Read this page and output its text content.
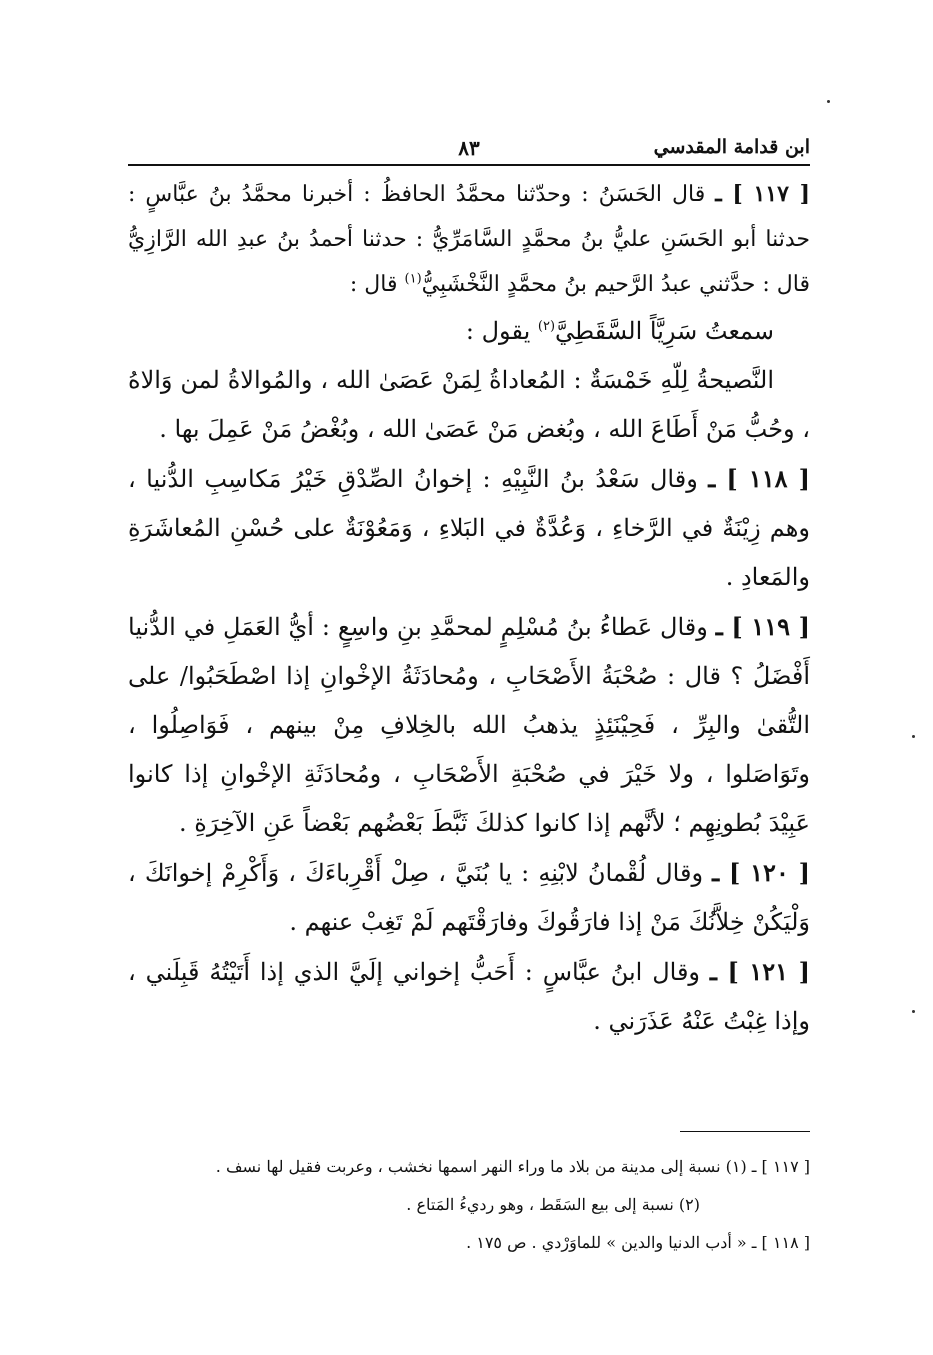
ابن قدامة المقدسي
٨٣

[ ١١٧ ] ـ قال الحَسَنُ : وحدّثنا محمَّدُ الحافظُ : أخبرنا محمَّدُ بنُ عبَّاسٍ : حدثنا أبو الحَسَنِ عليُّ بنُ محمَّدٍ السَّامَرِّيُّ : حدثنا أحمدُ بنُ عبدِ الله الرَّازِيُّ قال : حدَّثني عبدُ الرَّحيم بنُ محمَّدٍ النَّخْشَبِيُّ$^{(١)}$ قال :

سمعتُ سَرِيَّاً السَّقَطِيَّ$^{(٢)}$ يقول :

النَّصيحةُ لِلّهِ خَمْسَةٌ : المُعاداةُ لِمَنْ عَصَىٰ الله ، والمُوالاةُ لمن وَالاهُ ، وحُبُّ مَنْ أَطَاعَ الله ، وبُغض مَنْ عَصَىٰ الله ، وبُغْضُ مَنْ عَمِلَ بها .

[ ١١٨ ] ـ وقال سَعْدُ بنُ النَّبِيْهِ : إخوانُ الصِّدْقِ خَيْرُ مَكاسِبِ الدُّنيا ، وهم زِيْنَةٌ في الرَّخاءِ ، وَعُدَّةٌ في البَلاءِ ، وَمَعُوْنَةٌ على حُسْنِ المُعاشَرَةِ والمَعادِ .

[ ١١٩ ] ـ وقال عَطاءُ بنُ مُسْلِمٍ لمحمَّدِ بنِ واسِعٍ : أيُّ العَمَلِ في الدُّنيا أَفْضَلُ ؟ قال : صُحْبَةُ الأَصْحَابِ ، ومُحادَثَةُ الإخْوانِ إذا اصْطَحَبُوا/ على التُّقىٰ والبِرِّ ، فَحِيْنَئِذٍ يذهبُ الله بالخِلافِ مِنْ بينهم ، فَوَاصِلُوا ، وتَوَاصَلوا ، ولا خَيْرَ في صُحْبَةِ الأَصْحَابِ ، ومُحادَثَةِ الإخْوانِ إذا كانوا عَبِيْدَ بُطونِهِم ؛ لأنَّهم إذا كانوا كذلكَ ثَبَّطَ بَعْضُهم بَعْضاً عَنِ الآخِرَةِ .

[ ١٢٠ ] ـ وقال لُقْمانُ لابْنِهِ : يا بُنَيَّ ، صِلْ أَقْرِباءَكَ ، وَأَكْرِمْ إخوانَكَ ، وَلْيَكُنْ خِلاَّنُكَ مَنْ إذا فارَقُوكَ وفارَقْتَهم لَمْ تَغِبْ عنهم .

[ ١٢١ ] ـ وقال ابنُ عبَّاسٍ : أَحَبُّ إخواني إلَيَّ الذي إذا أَتَيْتُهُ قَبِلَني ، وإذا غِبْتُ عَنْهُ عَذَرَني .

[ ١١٧ ] ـ (١) نسبة إلى مدينة من بلاد ما وراء النهر اسمها نخشب ، وعربت فقيل لها نسف .

(٢) نسبة إلى بيع السَقَط ، وهو رديءُ المَتاع .

[ ١١٨ ] ـ « أدب الدنيا والدين » للماوَرْدي . ص ١٧٥ .
